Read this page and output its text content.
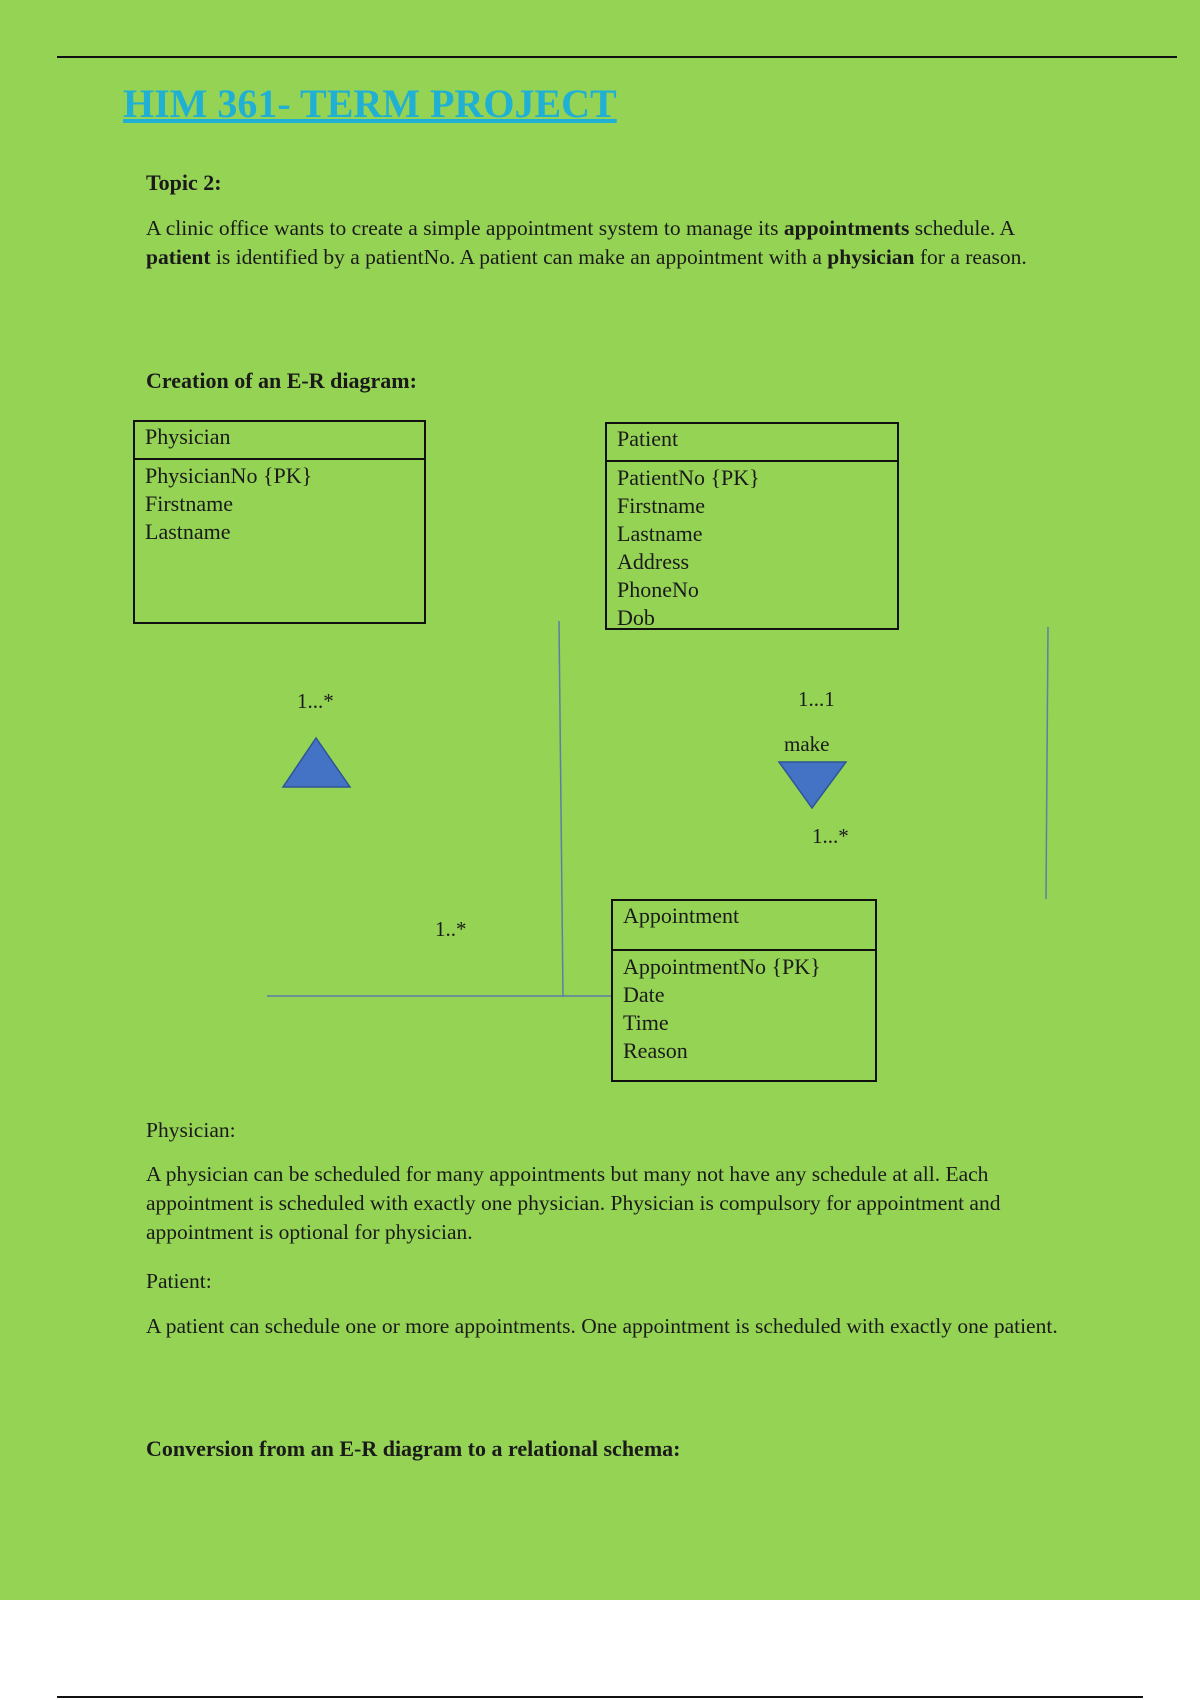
HIM 361- TERM PROJECT

Topic 2:

A clinic office wants to create a simple appointment system to manage its appointments schedule. A patient is identified by a patientNo. A patient can make an appointment with a physician for a reason.

Creation of an E-R diagram:

Physician
PhysicianNo {PK}
Firstname
Lastname
Patient
PatientNo {PK}
Firstname
Lastname
Address
PhoneNo
Dob
Appointment
AppointmentNo {PK}
Date
Time
Reason
1...*	1...1
make
1...*
1..*

Physician:

A physician can be scheduled for many appointments but many not have any schedule at all. Each appointment is scheduled with exactly one physician. Physician is compulsory for appointment and appointment is optional for physician.

Patient:

A patient can schedule one or more appointments. One appointment is scheduled with exactly one patient.

Conversion from an E-R diagram to a relational schema:
